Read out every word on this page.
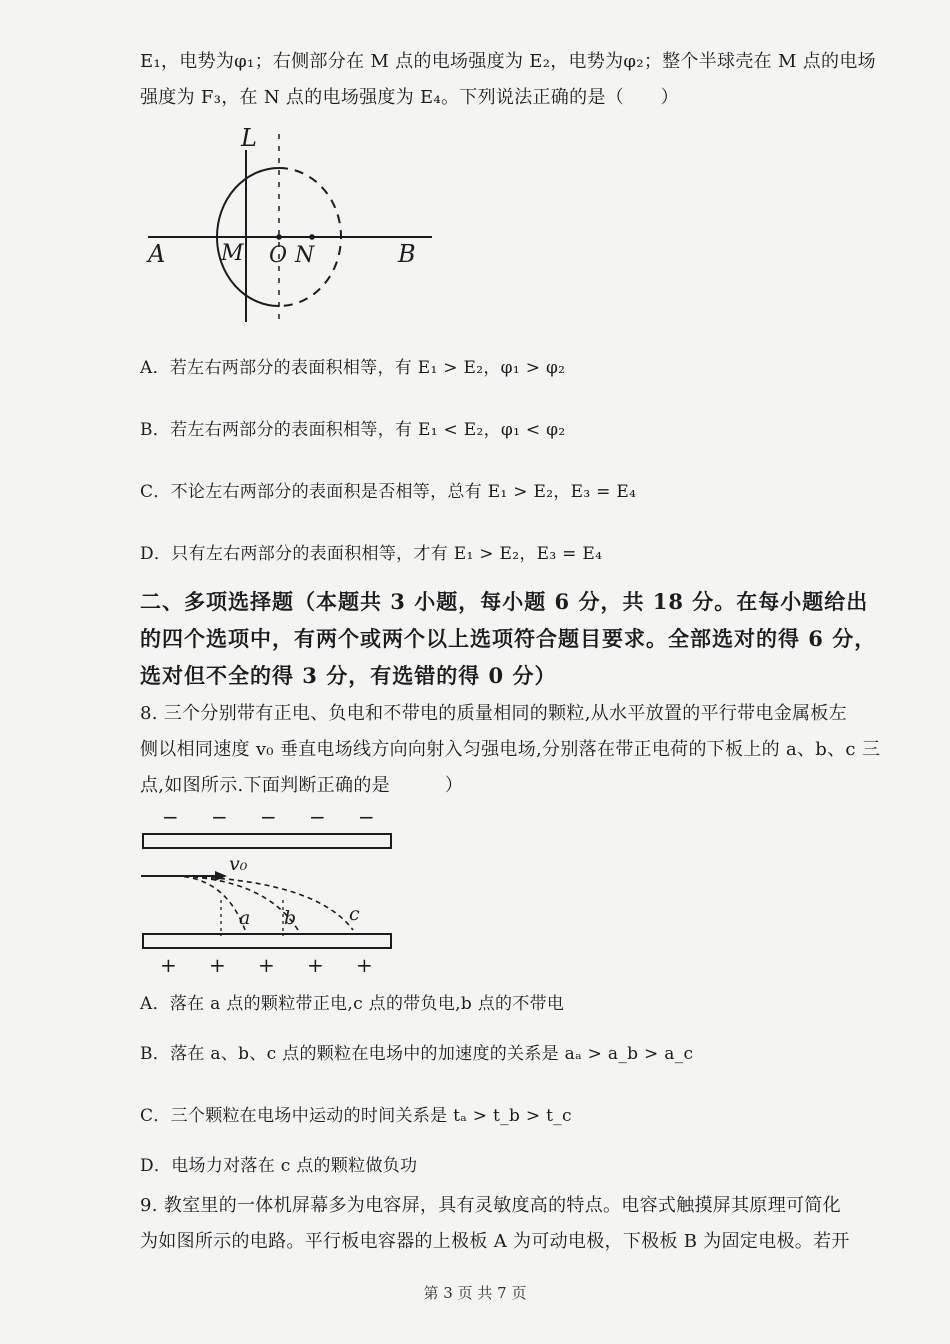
E₁，电势为φ₁；右侧部分在 M 点的电场强度为 E₂，电势为φ₂；整个半球壳在 M 点的电场
强度为 F₃，在 N 点的电场强度为 E₄。下列说法正确的是（　　）
L
A	M O N	B
A．若左右两部分的表面积相等，有 E₁ > E₂，φ₁ > φ₂
B．若左右两部分的表面积相等，有 E₁ < E₂，φ₁ < φ₂
C．不论左右两部分的表面积是否相等，总有 E₁ > E₂，E₃ = E₄
D．只有左右两部分的表面积相等，才有 E₁ > E₂，E₃ = E₄
二、多项选择题（本题共 3 小题，每小题 6 分，共 18 分。在每小题给出
的四个选项中，有两个或两个以上选项符合题目要求。全部选对的得 6 分，
选对但不全的得 3 分，有选错的得 0 分）
8. 三个分别带有正电、负电和不带电的质量相同的颗粒,从水平放置的平行带电金属板左
侧以相同速度 v₀ 垂直电场线方向向射入匀强电场,分别落在带正电荷的下板上的 a、b、c 三
点,如图所示.下面判断正确的是　　　）
− − − − −
v₀
a b	c
+ + + + +
A．落在 a 点的颗粒带正电,c 点的带负电,b 点的不带电
B．落在 a、b、c 点的颗粒在电场中的加速度的关系是 aₐ > a_b > a_c
C．三个颗粒在电场中运动的时间关系是 tₐ > t_b > t_c
D．电场力对落在 c 点的颗粒做负功
9. 教室里的一体机屏幕多为电容屏，具有灵敏度高的特点。电容式触摸屏其原理可简化
为如图所示的电路。平行板电容器的上极板 A 为可动电极，下极板 B 为固定电极。若开
第 3 页 共 7 页
